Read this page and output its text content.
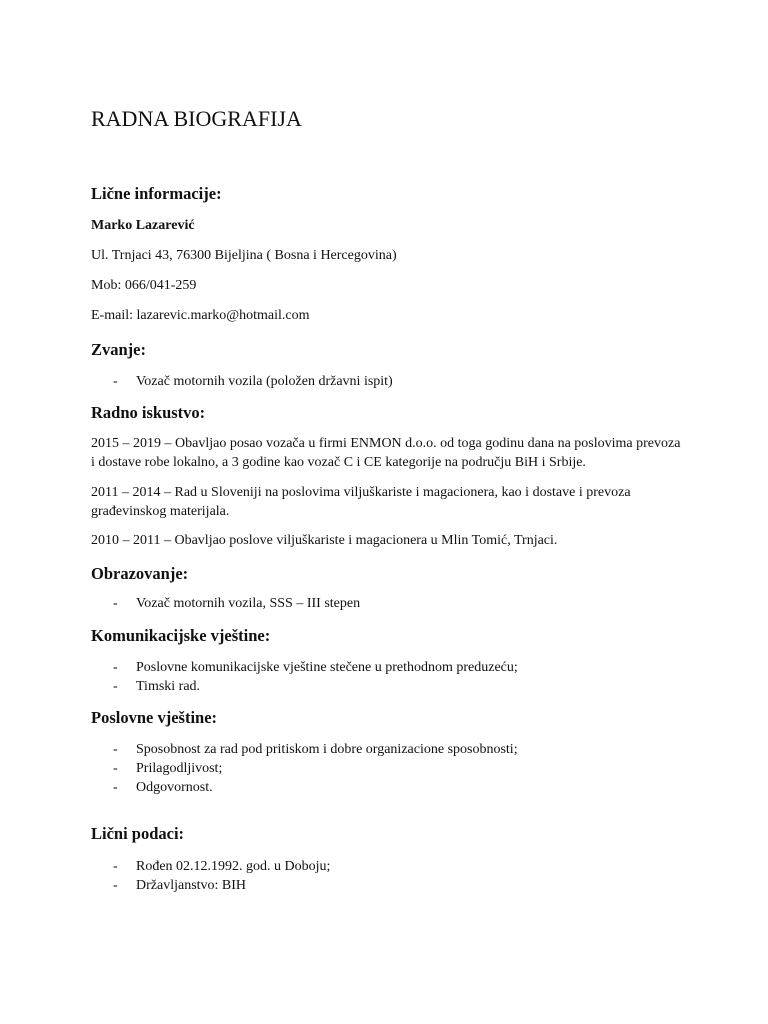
RADNA BIOGRAFIJA
Lične informacije:

Marko Lazarević

Ul. Trnjaci 43, 76300 Bijeljina ( Bosna i Hercegovina)

Mob: 066/041-259

E-mail: lazarevic.marko@hotmail.com

Zvanje:
- Vozač motornih vozila (položen državni ispit)
Radno iskustvo:

2015 – 2019 – Obavljao posao vozača u firmi ENMON d.o.o. od toga godinu dana na poslovima prevoza i dostave robe lokalno, a 3 godine kao vozač C i CE kategorije na području BiH i Srbije.

2011 – 2014 – Rad u Sloveniji na poslovima viljuškariste i magacionera, kao i dostave i prevoza građevinskog materijala.

2010 – 2011 – Obavljao poslove viljuškariste i magacionera u Mlin Tomić, Trnjaci.

Obrazovanje:
- Vozač motornih vozila, SSS – III stepen
Komunikacijske vještine:
- Poslovne komunikacijske vještine stečene u prethodnom preduzeću;
- Timski rad.
Poslovne vještine:
- Sposobnost za rad pod pritiskom i dobre organizacione sposobnosti;
- Prilagodljivost;
- Odgovornost.
Lični podaci:
- Rođen 02.12.1992. god. u Doboju;
- Državljanstvo: BIH
